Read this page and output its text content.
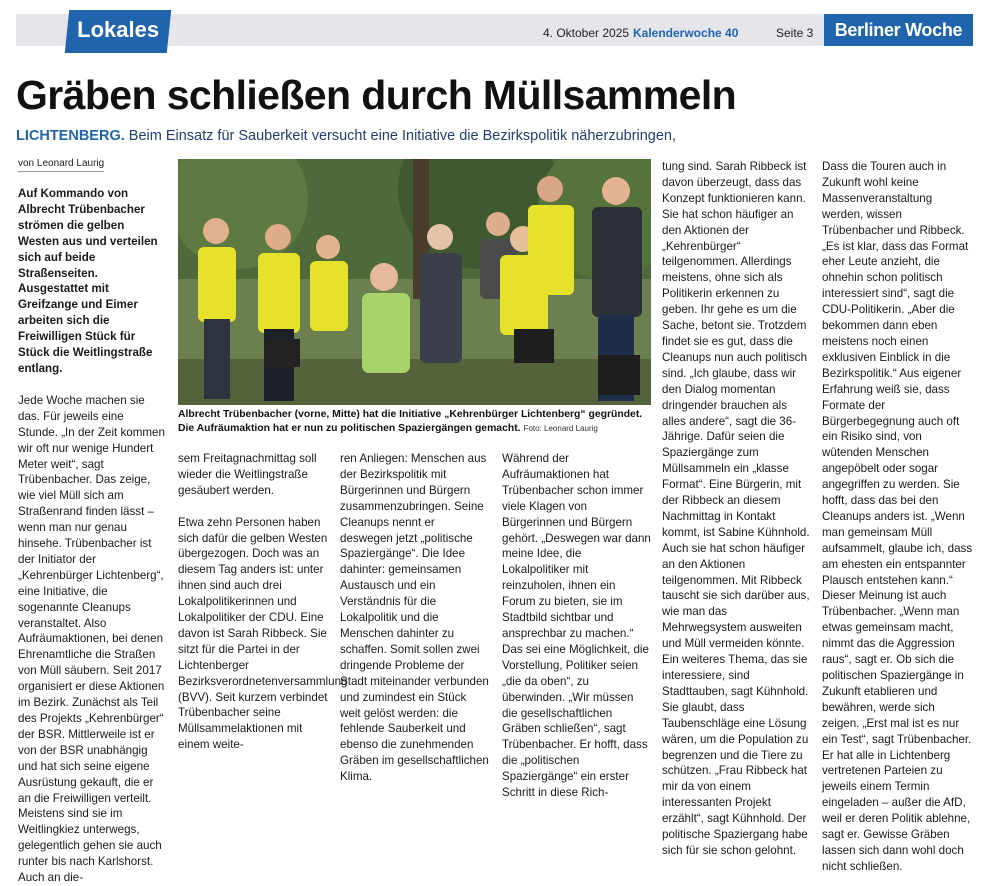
Lokales	4. Oktober 2025 Kalenderwoche 40	Seite 3	Berliner Woche
Gräben schließen durch Müllsammeln
LICHTENBERG. Beim Einsatz für Sauberkeit versucht eine Initiative die Bezirkspolitik näherzubringen,
von Leonard Laurig

Auf Kommando von Albrecht Trübenbacher strömen die gelben Westen aus und verteilen sich auf beide Straßenseiten. Ausgestattet mit Greifzange und Eimer arbeiten sich die Freiwilligen Stück für Stück die Weitlingstraße entlang.

Jede Woche machen sie das. Für jeweils eine Stunde. „In der Zeit kommen wir oft nur wenige Hundert Meter weit“, sagt Trübenbacher. Das zeige, wie viel Müll sich am Straßenrand finden lässt – wenn man nur genau hinsehe. Trübenbacher ist der Initiator der „Kehrenbürger Lichtenberg“, eine Initiative, die sogenannte Cleanups veranstaltet. Also Aufräumaktionen, bei denen Ehrenamtliche die Straßen von Müll säubern. Seit 2017 organisiert er diese Aktionen im Bezirk. Zunächst als Teil des Projekts „Kehrenbürger“ der BSR. Mittlerweile ist er von der BSR unabhängig und hat sich seine eigene Ausrüstung gekauft, die er an die Freiwilligen verteilt. Meistens sind sie im Weitlingkiez unterwegs, gelegentlich gehen sie auch runter bis nach Karlshorst. Auch an die-

Albrecht Trübenbacher (vorne, Mitte) hat die Initiative „Kehrenbürger Lichtenberg“ gegründet. Die Aufräumaktion hat er nun zu politischen Spaziergängen gemacht. Foto: Leonard Laurig

sem Freitagnachmittag soll wieder die Weitlingstraße gesäubert werden.

Etwa zehn Personen haben sich dafür die gelben Westen übergezogen. Doch was an diesem Tag anders ist: unter ihnen sind auch drei Lokalpolitikerinnen und Lokalpolitiker der CDU. Eine davon ist Sarah Ribbeck. Sie sitzt für die Partei in der Lichtenberger Bezirksverordnetenversammlung (BVV). Seit kurzem verbindet Trübenbacher seine Müllsammelaktionen mit einem weite-

ren Anliegen: Menschen aus der Bezirkspolitik mit Bürgerinnen und Bürgern zusammenzubringen. Seine Cleanups nennt er deswegen jetzt „politische Spaziergänge“. Die Idee dahinter: gemeinsamen Austausch und ein Verständnis für die Lokalpolitik und die Menschen dahinter zu schaffen. Somit sollen zwei dringende Probleme der Stadt miteinander verbunden und zumindest ein Stück weit gelöst werden: die fehlende Sauberkeit und ebenso die zunehmenden Gräben im gesellschaftlichen Klima.

Während der Aufräumaktionen hat Trübenbacher schon immer viele Klagen von Bürgerinnen und Bürgern gehört. „Deswegen war dann meine Idee, die Lokalpolitiker mit reinzuholen, ihnen ein Forum zu bieten, sie im Stadtbild sichtbar und ansprechbar zu machen.“ Das sei eine Möglichkeit, die Vorstellung, Politiker seien „die da oben“, zu überwinden. „Wir müssen die gesellschaftlichen Gräben schließen“, sagt Trübenbacher. Er hofft, dass die „politischen Spaziergänge“ ein erster Schritt in diese Rich-

tung sind. Sarah Ribbeck ist davon überzeugt, dass das Konzept funktionieren kann. Sie hat schon häufiger an den Aktionen der „Kehrenbürger“ teilgenommen. Allerdings meistens, ohne sich als Politikerin erkennen zu geben. Ihr gehe es um die Sache, betont sie. Trotzdem findet sie es gut, dass die Cleanups nun auch politisch sind. „Ich glaube, dass wir den Dialog momentan dringender brauchen als alles andere“, sagt die 36-Jährige. Dafür seien die Spaziergänge zum Müllsammeln ein „klasse Format“. Eine Bürgerin, mit der Ribbeck an diesem Nachmittag in Kontakt kommt, ist Sabine Kühnhold. Auch sie hat schon häufiger an den Aktionen teilgenommen. Mit Ribbeck tauscht sie sich darüber aus, wie man das Mehrwegsystem ausweiten und Müll vermeiden könnte. Ein weiteres Thema, das sie interessiere, sind Stadttauben, sagt Kühnhold. Sie glaubt, dass Taubenschläge eine Lösung wären, um die Population zu begrenzen und die Tiere zu schützen. „Frau Ribbeck hat mir da von einem interessanten Projekt erzählt“, sagt Kühnhold. Der politische Spaziergang habe sich für sie schon gelohnt.

Dass die Touren auch in Zukunft wohl keine Massenveranstaltung werden, wissen Trübenbacher und Ribbeck. „Es ist klar, dass das Format eher Leute anzieht, die ohnehin schon politisch interessiert sind“, sagt die CDU-Politikerin. „Aber die bekommen dann eben meistens noch einen exklusiven Einblick in die Bezirkspolitik.“ Aus eigener Erfahrung weiß sie, dass Formate der Bürgerbegegnung auch oft ein Risiko sind, von wütenden Menschen angepöbelt oder sogar angegriffen zu werden. Sie hofft, dass das bei den Cleanups anders ist. „Wenn man gemeinsam Müll aufsammelt, glaube ich, dass am ehesten ein entspannter Plausch entstehen kann.“ Dieser Meinung ist auch Trübenbacher. „Wenn man etwas gemeinsam macht, nimmt das die Aggression raus“, sagt er. Ob sich die politischen Spaziergänge in Zukunft etablieren und bewähren, werde sich zeigen. „Erst mal ist es nur ein Test“, sagt Trübenbacher. Er hat alle in Lichtenberg vertretenen Parteien zu jeweils einem Termin eingeladen – außer die AfD, weil er deren Politik ablehne, sagt er. Gewisse Gräben lassen sich dann wohl doch nicht schließen.
